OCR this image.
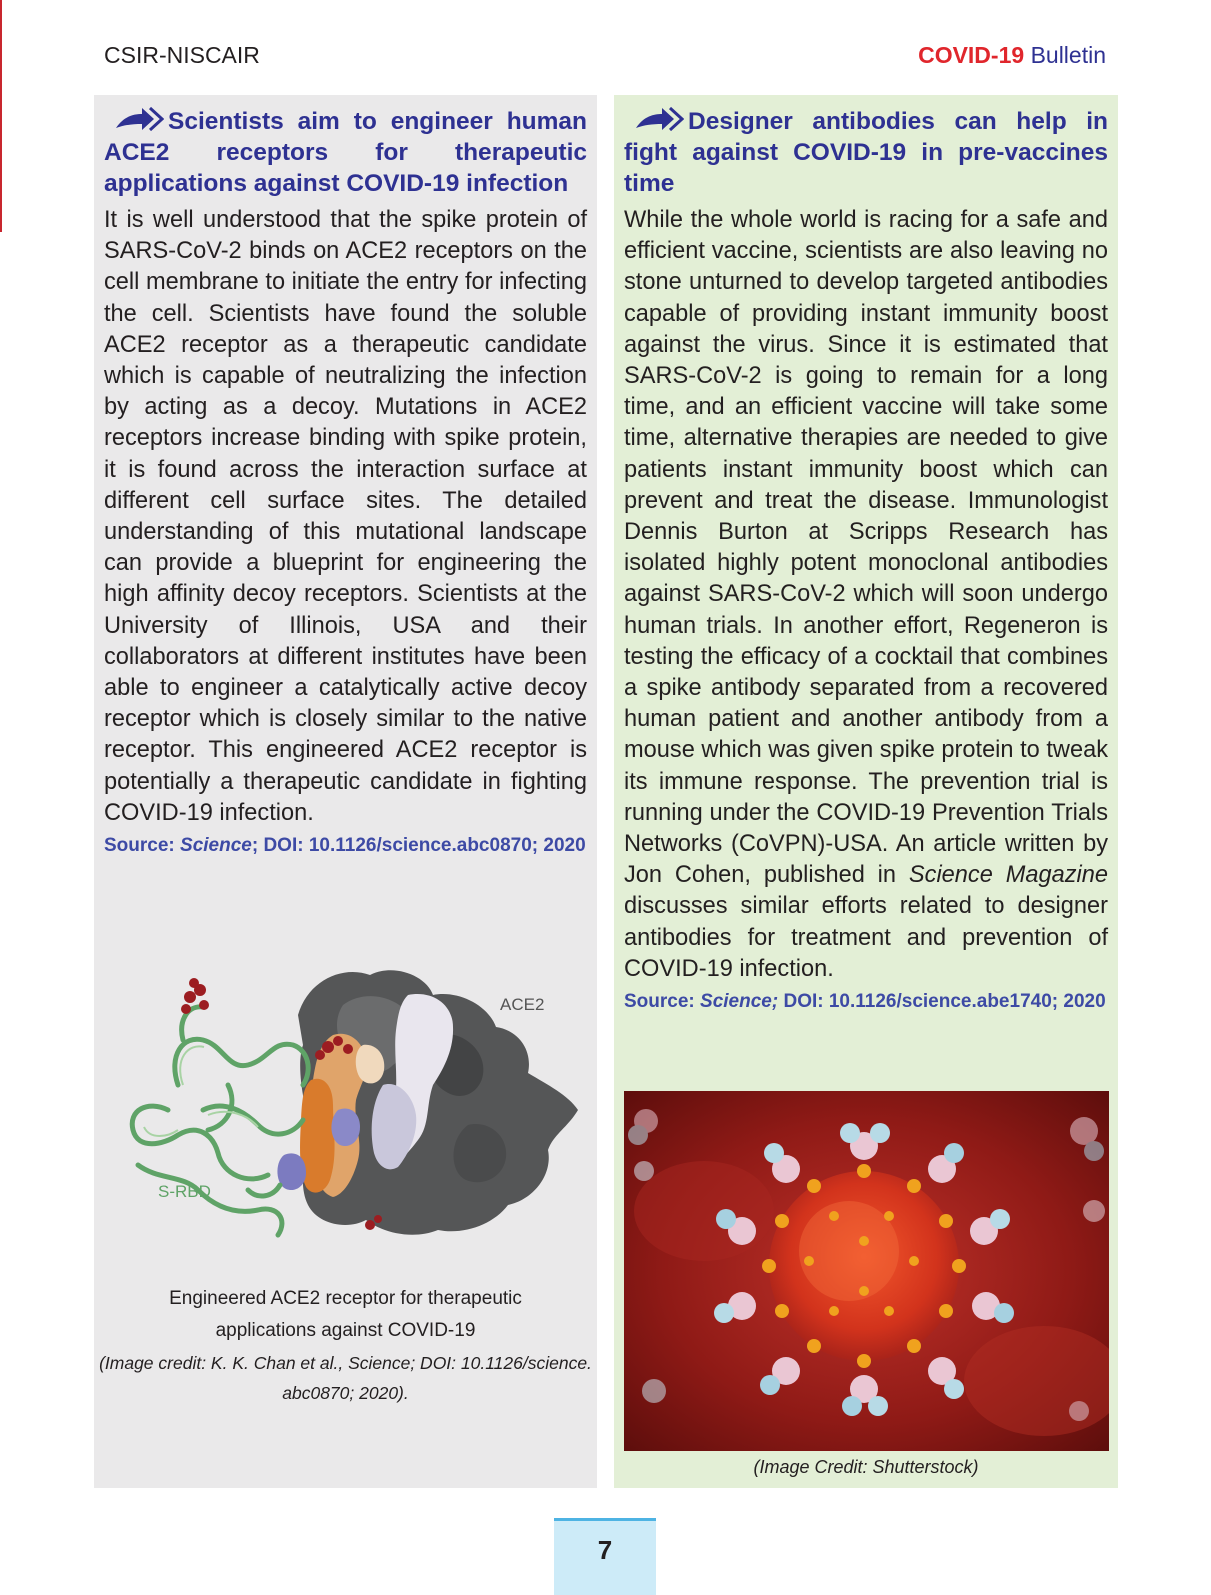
CSIR-NISCAIR	COVID-19 Bulletin

Scientists aim to engineer human ACE2 receptors for therapeutic applications against COVID-19 infection

It is well understood that the spike protein of SARS-CoV-2 binds on ACE2 receptors on the cell membrane to initiate the entry for infecting the cell. Scientists have found the soluble ACE2 receptor as a therapeutic candidate which is capable of neutralizing the infection by acting as a decoy. Mutations in ACE2 receptors increase binding with spike protein, it is found across the interaction surface at different cell surface sites. The detailed understanding of this mutational landscape can provide a blueprint for engineering the high affinity decoy receptors. Scientists at the University of Illinois, USA and their collaborators at different institutes have been able to engineer a catalytically active decoy receptor which is closely similar to the native receptor. This engineered ACE2 receptor is potentially a therapeutic candidate in fighting COVID-19 infection.

Source: Science; DOI: 10.1126/science.abc0870; 2020

ACE2
S-RBD
Engineered ACE2 receptor for therapeutic
applications against COVID-19
(Image credit: K. K. Chan et al., Science; DOI: 10.1126/science.
abc0870; 2020).

Designer antibodies can help in fight against COVID-19 in pre-vaccines time

While the whole world is racing for a safe and efficient vaccine, scientists are also leaving no stone unturned to develop targeted antibodies capable of providing instant immunity boost against the virus. Since it is estimated that SARS-CoV-2 is going to remain for a long time, and an efficient vaccine will take some time, alternative therapies are needed to give patients instant immunity boost which can prevent and treat the disease. Immunologist Dennis Burton at Scripps Research has isolated highly potent monoclonal antibodies against SARS-CoV-2 which will soon undergo human trials. In another effort, Regeneron is testing the efficacy of a cocktail that combines a spike antibody separated from a recovered human patient and another antibody from a mouse which was given spike protein to tweak its immune response. The prevention trial is running under the COVID-19 Prevention Trials Networks (CoVPN)-USA. An article written by Jon Cohen, published in Science Magazine discusses similar efforts related to designer antibodies for treatment and prevention of COVID-19 infection.

Source: Science; DOI: 10.1126/science.abe1740; 2020

(Image Credit: Shutterstock)
7
